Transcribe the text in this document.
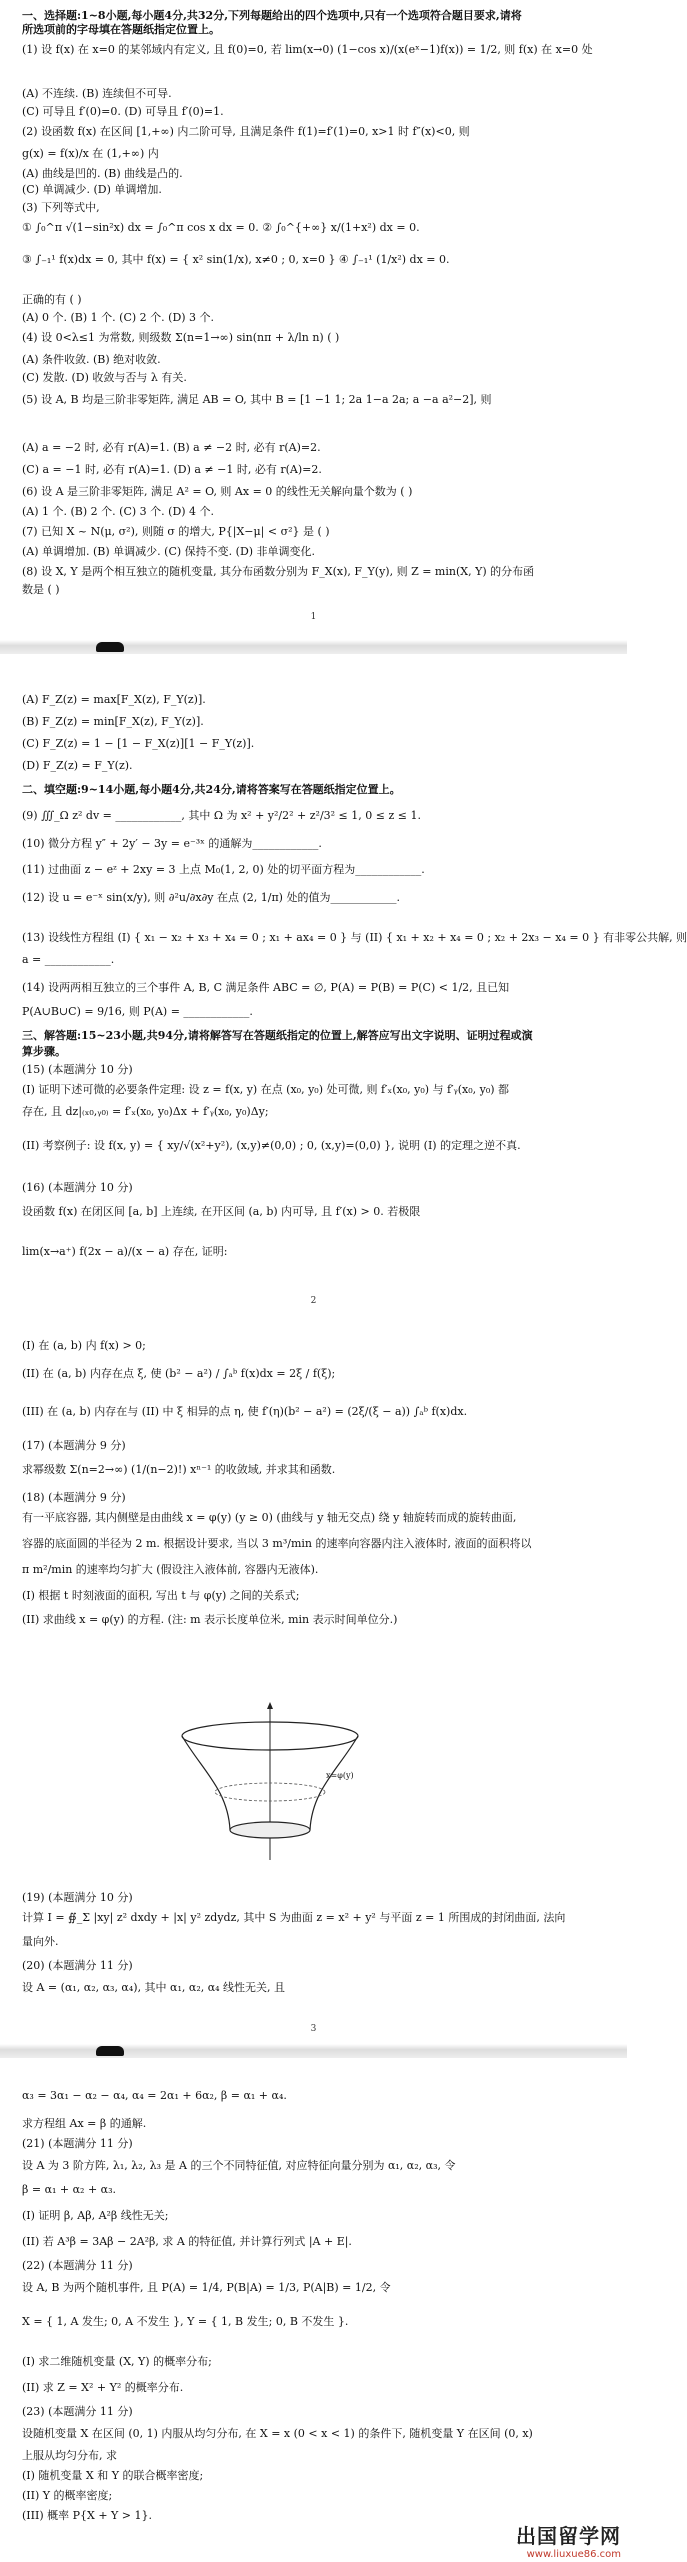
一、选择题:1~8小题,每小题4分,共32分,下列每题给出的四个选项中,只有一个选项符合题目要求,请将
所选项前的字母填在答题纸指定位置上。
(1) 设 f(x) 在 x=0 的某邻域内有定义, 且 f(0)=0, 若 lim(x→0) (1−cos x)/(x(eˣ−1)f(x)) = 1/2, 则 f(x) 在 x=0 处
(A) 不连续. (B) 连续但不可导.
(C) 可导且 f′(0)=0. (D) 可导且 f′(0)=1.
(2) 设函数 f(x) 在区间 [1,+∞) 内二阶可导, 且满足条件 f(1)=f′(1)=0, x>1 时 f″(x)<0, 则
g(x) = f(x)/x 在 (1,+∞) 内
(A) 曲线是凹的. (B) 曲线是凸的.
(C) 单调减少. (D) 单调增加.
(3) 下列等式中,
① ∫₀^π √(1−sin²x) dx = ∫₀^π cos x dx = 0. ② ∫₀^{+∞} x/(1+x²) dx = 0.
③ ∫₋₁¹ f(x)dx = 0, 其中 f(x) = { x² sin(1/x), x≠0 ; 0, x=0 } ④ ∫₋₁¹ (1/x²) dx = 0.
正确的有 ( )
(A) 0 个. (B) 1 个. (C) 2 个. (D) 3 个.
(4) 设 0<λ≤1 为常数, 则级数 Σ(n=1→∞) sin(nπ + λ/ln n) ( )
(A) 条件收敛. (B) 绝对收敛.
(C) 发散. (D) 收敛与否与 λ 有关.
(5) 设 A, B 均是三阶非零矩阵, 满足 AB = O, 其中 B = [1 −1 1; 2a 1−a 2a; a −a a²−2], 则
(A) a = −2 时, 必有 r(A)=1. (B) a ≠ −2 时, 必有 r(A)=2.
(C) a = −1 时, 必有 r(A)=1. (D) a ≠ −1 时, 必有 r(A)=2.
(6) 设 A 是三阶非零矩阵, 满足 A² = O, 则 Ax = 0 的线性无关解向量个数为 ( )
(A) 1 个. (B) 2 个. (C) 3 个. (D) 4 个.
(7) 已知 X ~ N(μ, σ²), 则随 σ 的增大, P{|X−μ| < σ²} 是 ( )
(A) 单调增加. (B) 单调减少. (C) 保持不变. (D) 非单调变化.
(8) 设 X, Y 是两个相互独立的随机变量, 其分布函数分别为 F_X(x), F_Y(y), 则 Z = min(X, Y) 的分布函
数是 ( )
(A) F_Z(z) = max[F_X(z), F_Y(z)].
(B) F_Z(z) = min[F_X(z), F_Y(z)].
(C) F_Z(z) = 1 − [1 − F_X(z)][1 − F_Y(z)].
(D) F_Z(z) = F_Y(z).
二、填空题:9~14小题,每小题4分,共24分,请将答案写在答题纸指定位置上。
(9) ∭_Ω z² dv = ____________, 其中 Ω 为 x² + y²/2² + z²/3² ≤ 1, 0 ≤ z ≤ 1.
(10) 微分方程 y″ + 2y′ − 3y = e⁻³ˣ 的通解为____________.
(11) 过曲面 z − eᶻ + 2xy = 3 上点 M₀(1, 2, 0) 处的切平面方程为____________.
(12) 设 u = e⁻ˣ sin(x/y), 则 ∂²u/∂x∂y 在点 (2, 1/π) 处的值为____________.
(13) 设线性方程组 (I) { x₁ − x₂ + x₃ + x₄ = 0 ; x₁ + ax₄ = 0 } 与 (II) { x₁ + x₂ + x₄ = 0 ; x₂ + 2x₃ − x₄ = 0 } 有非零公共解, 则
a = ____________.
(14) 设两两相互独立的三个事件 A, B, C 满足条件 ABC = ∅, P(A) = P(B) = P(C) < 1/2, 且已知
P(A∪B∪C) = 9/16, 则 P(A) = ____________.
三、解答题:15~23小题,共94分,请将解答写在答题纸指定的位置上,解答应写出文字说明、证明过程或演
算步骤。
(15) (本题满分 10 分)
(I) 证明下述可微的必要条件定理: 设 z = f(x, y) 在点 (x₀, y₀) 处可微, 则 f′ₓ(x₀, y₀) 与 f′ᵧ(x₀, y₀) 都
存在, 且 dz|₍ₓ₀,ᵧ₀₎ = f′ₓ(x₀, y₀)Δx + f′ᵧ(x₀, y₀)Δy;
(II) 考察例子: 设 f(x, y) = { xy/√(x²+y²), (x,y)≠(0,0) ; 0, (x,y)=(0,0) }, 说明 (I) 的定理之逆不真.
(16) (本题满分 10 分)
设函数 f(x) 在闭区间 [a, b] 上连续, 在开区间 (a, b) 内可导, 且 f′(x) > 0. 若极限
lim(x→a⁺) f(2x − a)/(x − a) 存在, 证明:
(I) 在 (a, b) 内 f(x) > 0;
(II) 在 (a, b) 内存在点 ξ, 使 (b² − a²) / ∫ₐᵇ f(x)dx = 2ξ / f(ξ);
(III) 在 (a, b) 内存在与 (II) 中 ξ 相异的点 η, 使 f′(η)(b² − a²) = (2ξ/(ξ − a)) ∫ₐᵇ f(x)dx.
(17) (本题满分 9 分)
求幂级数 Σ(n=2→∞) (1/(n−2)!) xⁿ⁻¹ 的收敛域, 并求其和函数.
(18) (本题满分 9 分)
有一平底容器, 其内侧壁是由曲线 x = φ(y) (y ≥ 0) (曲线与 y 轴无交点) 绕 y 轴旋转而成的旋转曲面,
容器的底面圆的半径为 2 m. 根据设计要求, 当以 3 m³/min 的速率向容器内注入液体时, 液面的面积将以
π m²/min 的速率均匀扩大 (假设注入液体前, 容器内无液体).
(I) 根据 t 时刻液面的面积, 写出 t 与 φ(y) 之间的关系式;
(II) 求曲线 x = φ(y) 的方程. (注: m 表示长度单位米, min 表示时间单位分.)
(19) (本题满分 10 分)
计算 I = ∯_Σ |xy| z² dxdy + |x| y² zdydz, 其中 S 为曲面 z = x² + y² 与平面 z = 1 所围成的封闭曲面, 法向
量向外.
(20) (本题满分 11 分)
设 A = (α₁, α₂, α₃, α₄), 其中 α₁, α₂, α₄ 线性无关, 且
α₃ = 3α₁ − α₂ − α₄, α₄ = 2α₁ + 6α₂, β = α₁ + α₄.
求方程组 Ax = β 的通解.
(21) (本题满分 11 分)
设 A 为 3 阶方阵, λ₁, λ₂, λ₃ 是 A 的三个不同特征值, 对应特征向量分别为 α₁, α₂, α₃, 令
β = α₁ + α₂ + α₃.
(I) 证明 β, Aβ, A²β 线性无关;
(II) 若 A³β = 3Aβ − 2A²β, 求 A 的特征值, 并计算行列式 |A + E|.
(22) (本题满分 11 分)
设 A, B 为两个随机事件, 且 P(A) = 1/4, P(B|A) = 1/3, P(A|B) = 1/2, 令
X = { 1, A 发生; 0, A 不发生 }, Y = { 1, B 发生; 0, B 不发生 }.
(I) 求二维随机变量 (X, Y) 的概率分布;
(II) 求 Z = X² + Y² 的概率分布.
(23) (本题满分 11 分)
设随机变量 X 在区间 (0, 1) 内服从均匀分布, 在 X = x (0 < x < 1) 的条件下, 随机变量 Y 在区间 (0, x)
上服从均匀分布, 求
(I) 随机变量 X 和 Y 的联合概率密度;
(II) Y 的概率密度;
(III) 概率 P{X + Y > 1}.
1
2
3
x=φ(y)
出国留学网
www.liuxue86.com
